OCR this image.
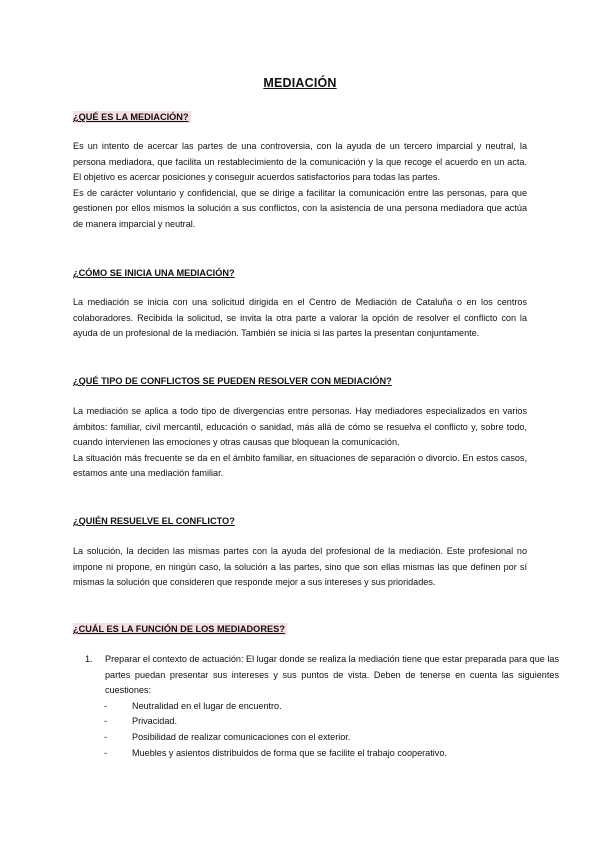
MEDIACIÓN
¿QUÉ ES LA MEDIACIÓN?

Es un intento de acercar las partes de una controversia, con la ayuda de un tercero imparcial y neutral, la persona mediadora, que facilita un restablecimiento de la comunicación y la que recoge el acuerdo en un acta. El objetivo es acercar posiciones y conseguir acuerdos satisfactorios para todas las partes.

Es de carácter voluntario y confidencial, que se dirige a facilitar la comunicación entre las personas, para que gestionen por ellos mismos la solución a sus conflictos, con la asistencia de una persona mediadora que actúa de manera imparcial y neutral.

¿CÓMO SE INICIA UNA MEDIACIÓN?

La mediación se inicia con una solicitud dirigida en el Centro de Mediación de Cataluña o en los centros colaboradores. Recibida la solicitud, se invita la otra parte a valorar la opción de resolver el conflicto con la ayuda de un profesional de la mediación. También se inicia si las partes la presentan conjuntamente.

¿QUÉ TIPO DE CONFLICTOS SE PUEDEN RESOLVER CON MEDIACIÓN?

La mediación se aplica a todo tipo de divergencias entre personas. Hay mediadores especializados en varios ámbitos: familiar, civil mercantil, educación o sanidad, más allá de cómo se resuelva el conflicto y, sobre todo, cuando intervienen las emociones y otras causas que bloquean la comunicación.

La situación más frecuente se da en el ámbito familiar, en situaciones de separación o divorcio. En estos casos, estamos ante una mediación familiar.

¿QUIÉN RESUELVE EL CONFLICTO?

La solución, la deciden las mismas partes con la ayuda del profesional de la mediación. Este profesional no impone ni propone, en ningún caso, la solución a las partes, sino que son ellas mismas las que definen por sí mismas la solución que consideren que responde mejor a sus intereses y sus prioridades.

¿CUÁL ES LA FUNCIÓN DE LOS MEDIADORES?
1. Preparar el contexto de actuación: El lugar donde se realiza la mediación tiene que estar preparada para que las partes puedan presentar sus intereses y sus puntos de vista. Deben de tenerse en cuenta las siguientes cuestiones:
-	Neutralidad en el lugar de encuentro.
-	Privacidad.
-	Posibilidad de realizar comunicaciones con el exterior.
-	Muebles y asientos distribuidos de forma que se facilite el trabajo cooperativo.
